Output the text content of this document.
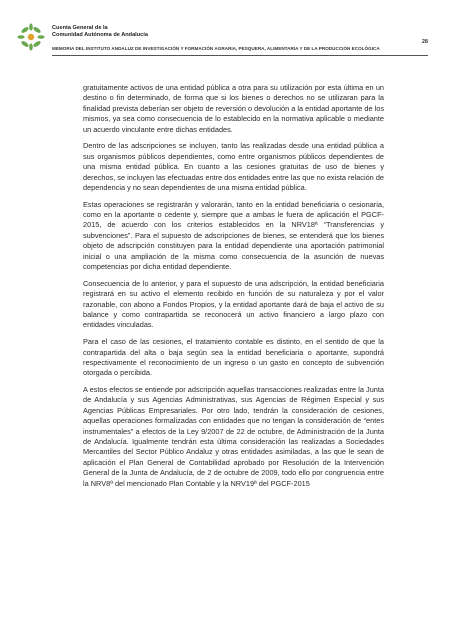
Cuenta General de la
Comunidad Autónoma de Andalucía
28
MEMORIA DEL INSTITUTO ANDALUZ DE INVESTIGACIÓN Y FORMACIÓN AGRARIA, PESQUERA, ALIMENTARIA Y DE LA PRODUCCIÓN ECOLÓGICA

gratuitamente activos de una entidad pública a otra para su utilización por esta última en un destino o fin determinado, de forma que si los bienes o derechos no se utilizaran para la finalidad prevista deberían ser objeto de reversión o devolución a la entidad aportante de los mismos, ya sea como consecuencia de lo establecido en la normativa aplicable o mediante un acuerdo vinculante entre dichas entidades.

Dentro de las adscripciones se incluyen, tanto las realizadas desde una entidad pública a sus organismos públicos dependientes, como entre organismos públicos dependientes de una misma entidad pública. En cuanto a las cesiones gratuitas de uso de bienes y derechos, se incluyen las efectuadas entre dos entidades entre las que no exista relación de dependencia y no sean dependientes de una misma entidad pública.

Estas operaciones se registrarán y valorarán, tanto en la entidad beneficiaria o cesionaria, como en la aportante o cedente y, siempre que a ambas le fuera de aplicación el PGCF-2015, de acuerdo con los criterios establecidos en la NRV18ª “Transferencias y subvenciones”. Para el supuesto de adscripciones de bienes, se entenderá que los bienes objeto de adscripción constituyen para la entidad dependiente una aportación patrimonial inicial o una ampliación de la misma como consecuencia de la asunción de nuevas competencias por dicha entidad dependiente.

Consecuencia de lo anterior, y para el supuesto de una adscripción, la entidad beneficiaria registrará en su activo el elemento recibido en función de su naturaleza y por el valor razonable, con abono a Fondos Propios, y la entidad aportante dará de baja el activo de su balance y como contrapartida se reconocerá un activo financiero a largo plazo con entidades vinculadas.

Para el caso de las cesiones, el tratamiento contable es distinto, en el sentido de que la contrapartida del alta o baja según sea la entidad beneficiaria o aportante, supondrá respectivamente el reconocimiento de un ingreso o un gasto en concepto de subvención otorgada o percibida.

A estos efectos se entiende por adscripción aquellas transacciones realizadas entre la Junta de Andalucía y sus Agencias Administrativas, sus Agencias de Régimen Especial y sus Agencias Públicas Empresariales. Por otro lado, tendrán la consideración de cesiones, aquellas operaciones formalizadas con entidades que no tengan la consideración de “entes instrumentales” a efectos de la Ley 9/2007 de 22 de octubre, de Administración de la Junta de Andalucía. Igualmente tendrán esta última consideración las realizadas a Sociedades Mercantiles del Sector Público Andaluz y otras entidades asimiladas, a las que le sean de aplicación el Plan General de Contabilidad aprobado por Resolución de la Intervención General de la Junta de Andalucía, de 2 de octubre de 2009, todo ello por congruencia entre la NRV8ª del mencionado Plan Contable y la NRV19ª del PGCF-2015
